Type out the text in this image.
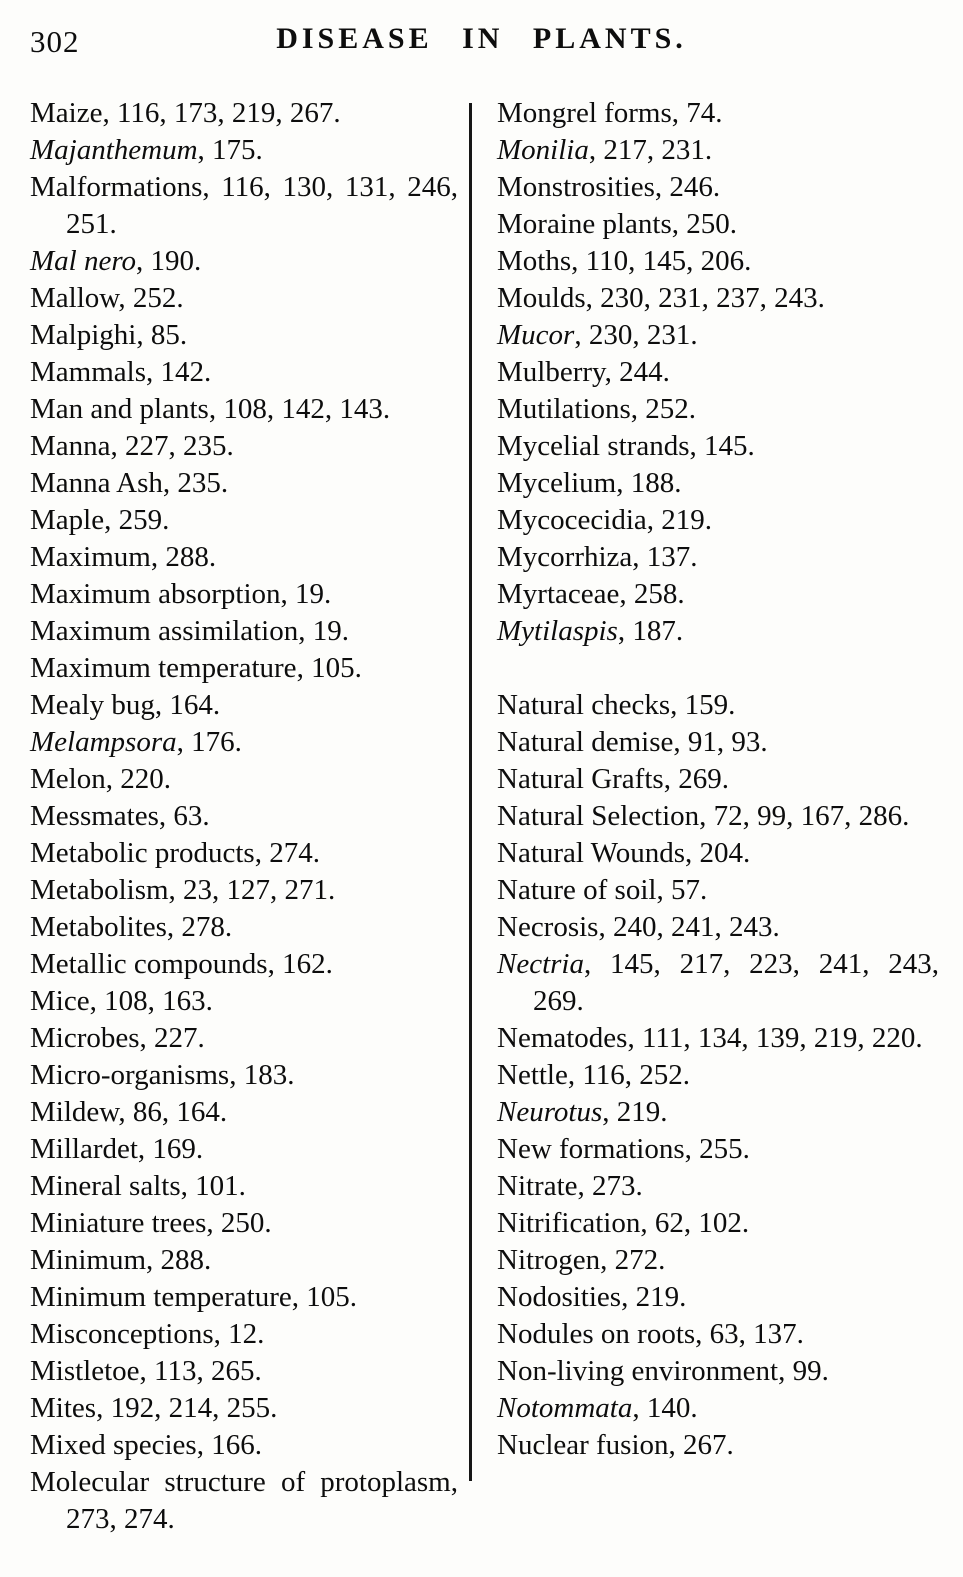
302	DISEASE IN PLANTS.
Maize, 116, 173, 219, 267.
Majanthemum, 175.
Malformations, 116, 130, 131, 246, 251.
Mal nero, 190.
Mallow, 252.
Malpighi, 85.
Mammals, 142.
Man and plants, 108, 142, 143.
Manna, 227, 235.
Manna Ash, 235.
Maple, 259.
Maximum, 288.
Maximum absorption, 19.
Maximum assimilation, 19.
Maximum temperature, 105.
Mealy bug, 164.
Melampsora, 176.
Melon, 220.
Messmates, 63.
Metabolic products, 274.
Metabolism, 23, 127, 271.
Metabolites, 278.
Metallic compounds, 162.
Mice, 108, 163.
Microbes, 227.
Micro-organisms, 183.
Mildew, 86, 164.
Millardet, 169.
Mineral salts, 101.
Miniature trees, 250.
Minimum, 288.
Minimum temperature, 105.
Misconceptions, 12.
Mistletoe, 113, 265.
Mites, 192, 214, 255.
Mixed species, 166.
Molecular structure of protoplasm, 273, 274.
Mongrel forms, 74.
Monilia, 217, 231.
Monstrosities, 246.
Moraine plants, 250.
Moths, 110, 145, 206.
Moulds, 230, 231, 237, 243.
Mucor, 230, 231.
Mulberry, 244.
Mutilations, 252.
Mycelial strands, 145.
Mycelium, 188.
Mycocecidia, 219.
Mycorrhiza, 137.
Myrtaceae, 258.
Mytilaspis, 187.
Natural checks, 159.
Natural demise, 91, 93.
Natural Grafts, 269.
Natural Selection, 72, 99, 167, 286.
Natural Wounds, 204.
Nature of soil, 57.
Necrosis, 240, 241, 243.
Nectria, 145, 217, 223, 241, 243, 269.
Nematodes, 111, 134, 139, 219, 220.
Nettle, 116, 252.
Neurotus, 219.
New formations, 255.
Nitrate, 273.
Nitrification, 62, 102.
Nitrogen, 272.
Nodosities, 219.
Nodules on roots, 63, 137.
Non-living environment, 99.
Notommata, 140.
Nuclear fusion, 267.
